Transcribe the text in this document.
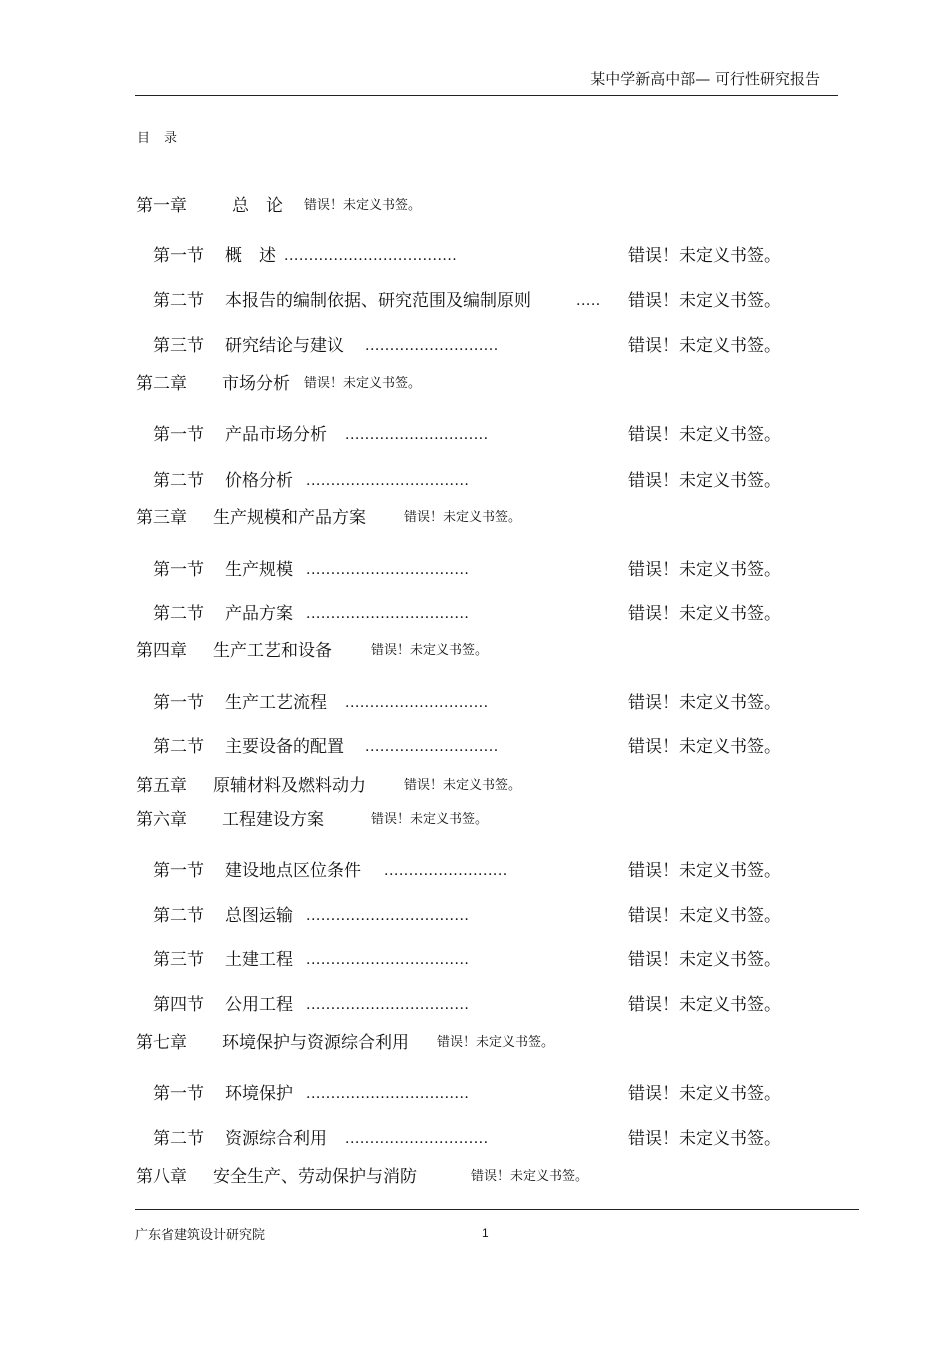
某中学新高中部— 可行性研究报告
目 录
第一章	总　论 错误！未定义书签。
第一节 概　述 ...................................	错误！未定义书签。
第二节 本报告的编制依据、研究范围及编制原则	..... 错误！未定义书签。
第三节 研究结论与建议 ...........................	错误！未定义书签。
第二章 市场分析 错误！未定义书签。
第一节 产品市场分析 .............................	错误！未定义书签。
第二节 价格分析 .................................	错误！未定义书签。
第三章 生产规模和产品方案	错误！未定义书签。
第一节 生产规模 .................................	错误！未定义书签。
第二节 产品方案 .................................	错误！未定义书签。
第四章 生产工艺和设备	错误！未定义书签。
第一节 生产工艺流程 .............................	错误！未定义书签。
第二节 主要设备的配置 ...........................	错误！未定义书签。
第五章 原辅材料及燃料动力	错误！未定义书签。
第六章 工程建设方案	错误！未定义书签。
第一节 建设地点区位条件 .........................	错误！未定义书签。
第二节 总图运输 .................................	错误！未定义书签。
第三节 土建工程 .................................	错误！未定义书签。
第四节 公用工程 .................................	错误！未定义书签。
第七章 环境保护与资源综合利用 错误！未定义书签。
第一节 环境保护 .................................	错误！未定义书签。
第二节 资源综合利用 .............................	错误！未定义书签。
第八章 安全生产、劳动保护与消防	错误！未定义书签。
广东省建筑设计研究院	1
